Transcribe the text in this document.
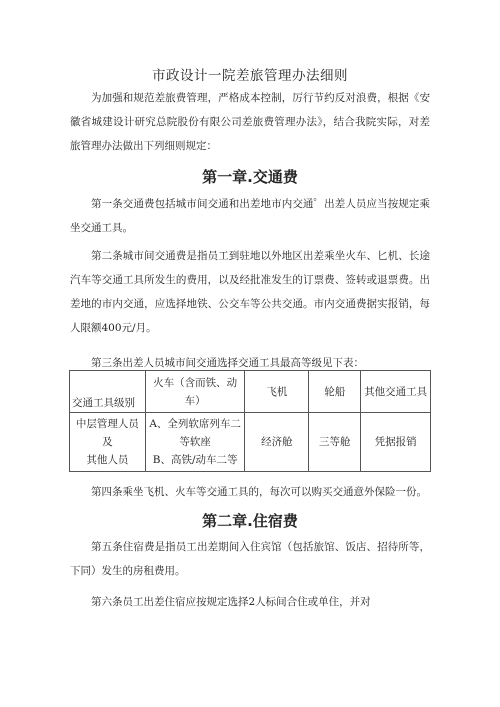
市政设计一院差旅管理办法细则

为加强和规范差旅费管理，严格成本控制，厉行节约反对浪费，根据《安徽省城建设计研究总院股份有限公司差旅费管理办法》，结合我院实际，对差旅管理办法做出下列细则规定：

第一章.交通费

第一条交通费包括城市间交通和出差地市内交通゜出差人员应当按规定乘坐交通工具。

第二条城市间交通费是指员工到驻地以外地区出差乘坐火车、匕机、长途汽车等交通工具所发生的费用，以及经批准发生的订票费、签转或退票费。出差地的市内交通，应选择地铁、公交车等公共交通。市内交通费据实报销，每人限额400元/月。

第三条出差人员城市间交通选择交通工具最高等级见下表：
交通工具级别	火车（含而铁、动
车）	飞机	轮船	其他交通工具

中层管理人员及
其他人员	A、全列软席列车二
等软座
B、高铁/动车二等	经济舱	三等舱	凭据报销

第四条乘坐飞机、火车等交通工具的，每次可以购买交通意外保险一份。

第二章.住宿费

第五条住宿费是指员工出差期间入住宾馆（包括旅馆、饭店、招待所等，下同）发生的房租费用。

第六条员工出差住宿应按规定选择2人标间合住或单住，并对
